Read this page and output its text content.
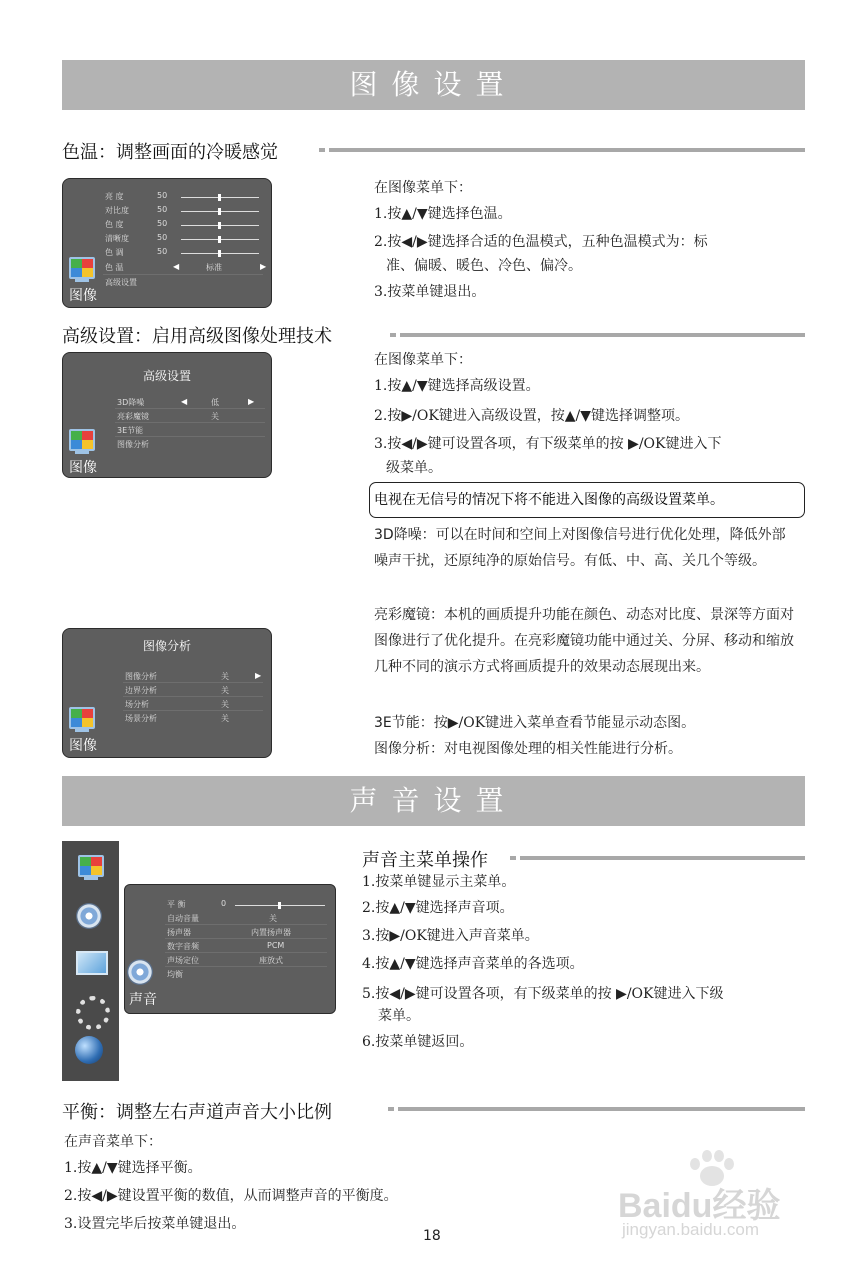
图像设置
色温：调整画面的冷暖感觉
亮 度	50
对比度	50
色 度	50
清晰度	50
色 调	50
色 温	◀	标准	▶
高级设置
图像
在图像菜单下：
1.按▲/▼键选择色温。
2.按◀/▶键选择合适的色温模式，五种色温模式为：标
准、偏暖、暖色、冷色、偏冷。
3.按菜单键退出。
高级设置：启用高级图像处理技术
高级设置
3D降噪	◀	低	▶
亮彩魔镜	关
3E节能
图像分析
图像
在图像菜单下：
1.按▲/▼键选择高级设置。
2.按▶/OK键进入高级设置，按▲/▼键选择调整项。
3.按◀/▶键可设置各项，有下级菜单的按 ▶/OK键进入下
级菜单。
电视在无信号的情况下将不能进入图像的高级设置菜单。
3D降噪：可以在时间和空间上对图像信号进行优化处理，降低外部噪声干扰，还原纯净的原始信号。有低、中、高、关几个等级。
亮彩魔镜：本机的画质提升功能在颜色、动态对比度、景深等方面对图像进行了优化提升。在亮彩魔镜功能中通过关、分屏、移动和缩放几种不同的演示方式将画质提升的效果动态展现出来。
3E节能：按▶/OK键进入菜单查看节能显示动态图。
图像分析：对电视图像处理的相关性能进行分析。
图像分析
图像分析	关	▶
边界分析	关
场分析	关
场景分析	关
图像
声音设置
平 衡	0
自动音量	关
扬声器	内置扬声器
数字音频	PCM
声场定位	座放式
均衡
声音
声音主菜单操作
1.按菜单键显示主菜单。
2.按▲/▼键选择声音项。
3.按▶/OK键进入声音菜单。
4.按▲/▼键选择声音菜单的各选项。
5.按◀/▶键可设置各项，有下级菜单的按 ▶/OK键进入下级
菜单。
6.按菜单键返回。
平衡：调整左右声道声音大小比例
在声音菜单下：
1.按▲/▼键选择平衡。
2.按◀/▶键设置平衡的数值，从而调整声音的平衡度。
3.设置完毕后按菜单键退出。
18
Baidu经验
jingyan.baidu.com
